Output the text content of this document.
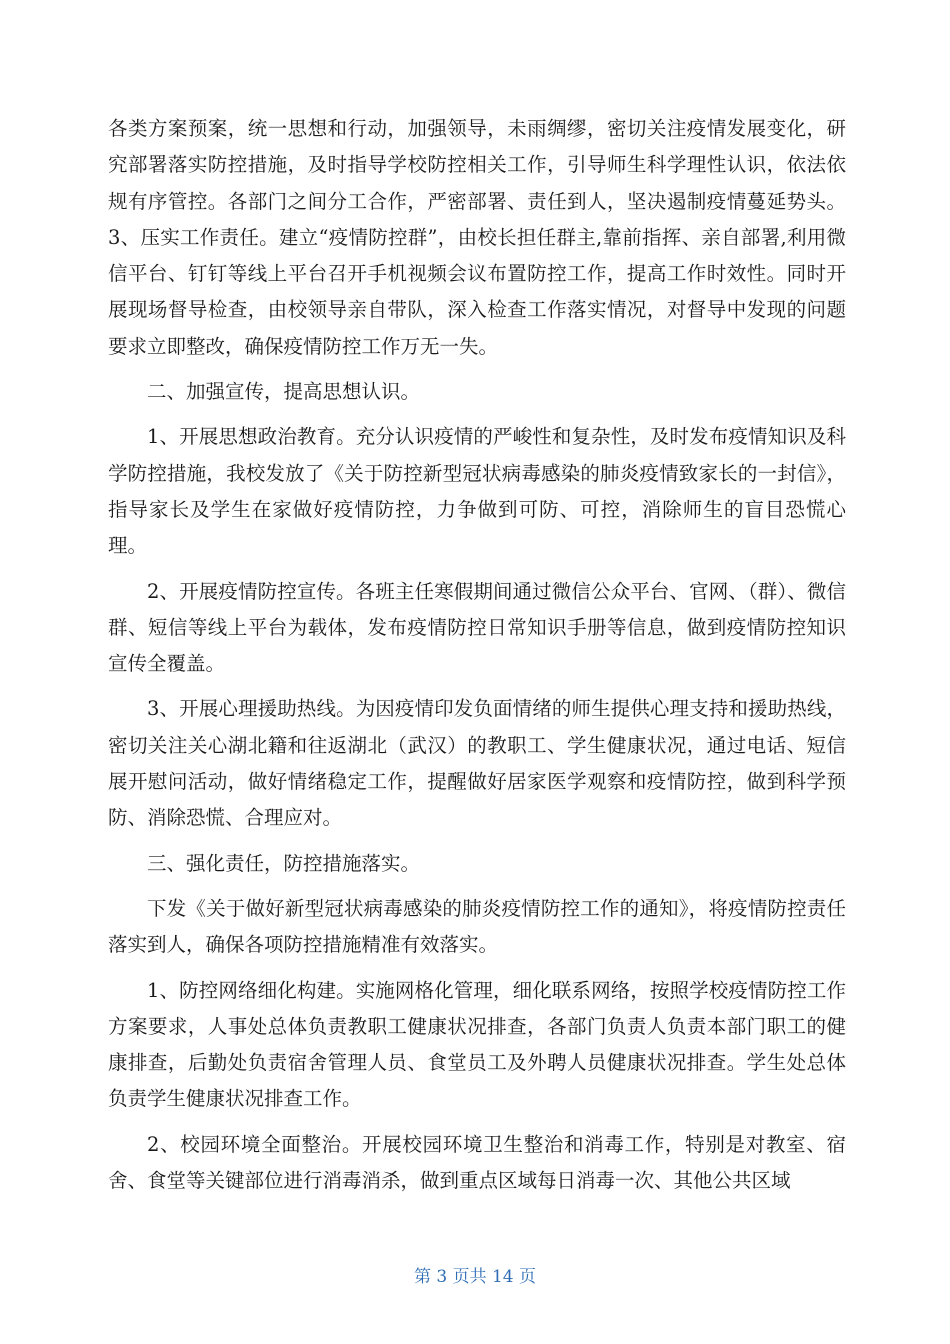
各类方案预案，统一思想和行动，加强领导，未雨绸缪，密切关注疫情发展变化，研究部署落实防控措施，及时指导学校防控相关工作，引导师生科学理性认识，依法依规有序管控。各部门之间分工合作，严密部署、责任到人，坚决遏制疫情蔓延势头。3、压实工作责任。建立“疫情防控群”，由校长担任群主,靠前指挥、亲自部署,利用微信平台、钉钉等线上平台召开手机视频会议布置防控工作，提高工作时效性。同时开展现场督导检查，由校领导亲自带队，深入检查工作落实情况，对督导中发现的问题要求立即整改，确保疫情防控工作万无一失。

二、加强宣传，提高思想认识。

1、开展思想政治教育。充分认识疫情的严峻性和复杂性，及时发布疫情知识及科学防控措施，我校发放了《关于防控新型冠状病毒感染的肺炎疫情致家长的一封信》，指导家长及学生在家做好疫情防控，力争做到可防、可控，消除师生的盲目恐慌心理。

2、开展疫情防控宣传。各班主任寒假期间通过微信公众平台、官网、（群）、微信群、短信等线上平台为载体，发布疫情防控日常知识手册等信息，做到疫情防控知识宣传全覆盖。

3、开展心理援助热线。为因疫情印发负面情绪的师生提供心理支持和援助热线，密切关注关心湖北籍和往返湖北（武汉）的教职工、学生健康状况，通过电话、短信展开慰问活动，做好情绪稳定工作，提醒做好居家医学观察和疫情防控，做到科学预防、消除恐慌、合理应对。

三、强化责任，防控措施落实。

下发《关于做好新型冠状病毒感染的肺炎疫情防控工作的通知》，将疫情防控责任落实到人，确保各项防控措施精准有效落实。

1、防控网络细化构建。实施网格化管理，细化联系网络，按照学校疫情防控工作方案要求，人事处总体负责教职工健康状况排查，各部门负责人负责本部门职工的健康排查，后勤处负责宿舍管理人员、食堂员工及外聘人员健康状况排查。学生处总体负责学生健康状况排查工作。

2、校园环境全面整治。开展校园环境卫生整治和消毒工作，特别是对教室、宿舍、食堂等关键部位进行消毒消杀，做到重点区域每日消毒一次、其他公共区域

第 3 页共 14 页
